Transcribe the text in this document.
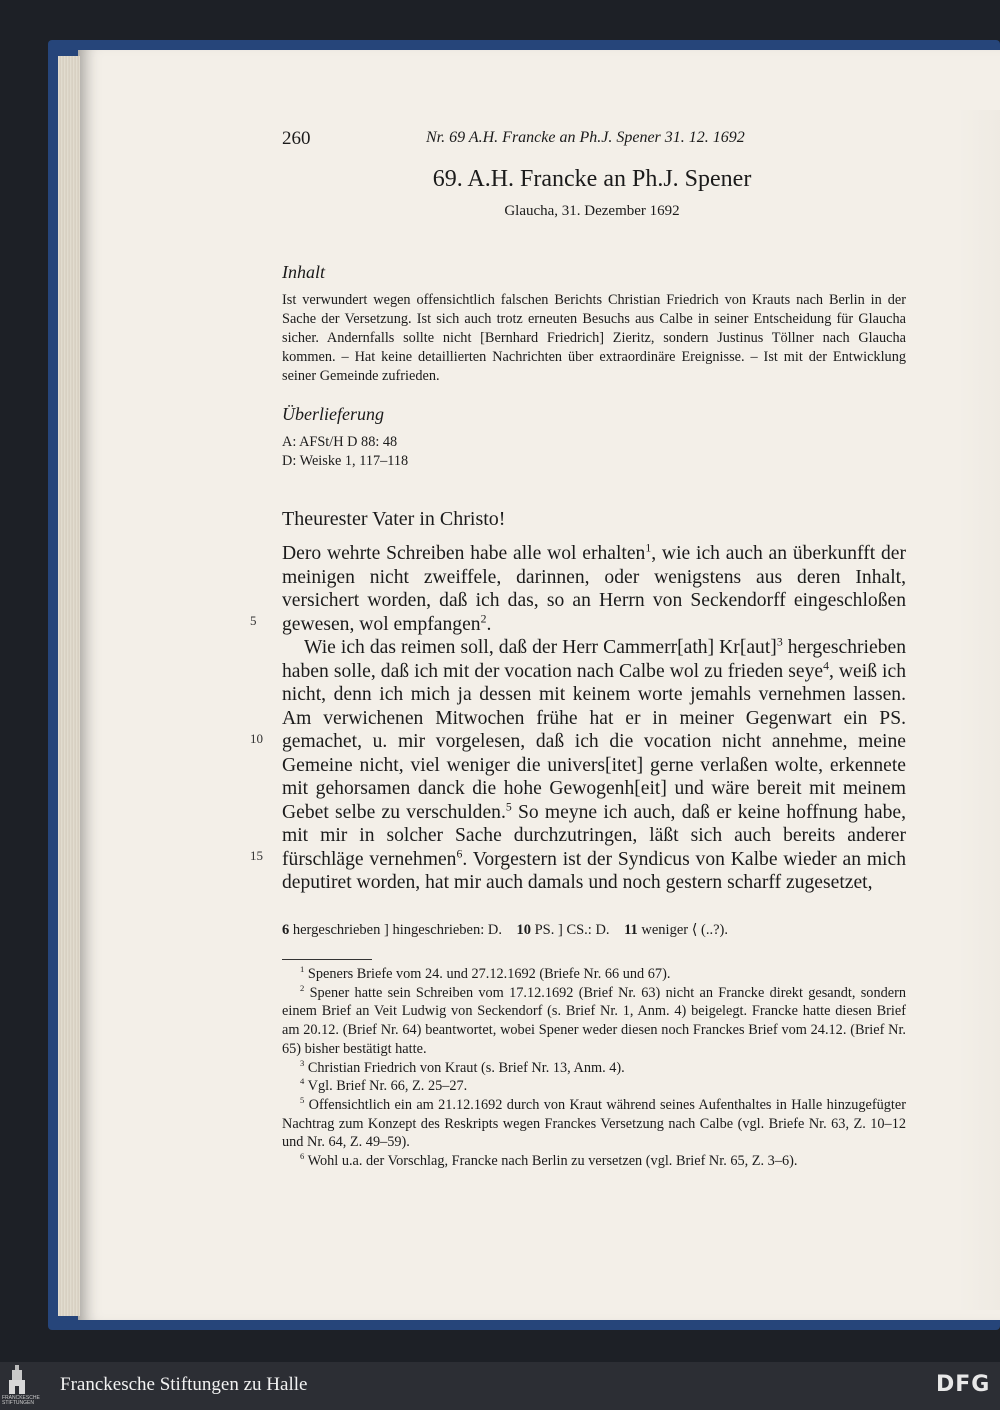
260	Nr. 69 A.H. Francke an Ph.J. Spener 31. 12. 1692
69. A.H. Francke an Ph.J. Spener
Glaucha, 31. Dezember 1692
Inhalt
Ist verwundert wegen offensichtlich falschen Berichts Christian Friedrich von Krauts nach Berlin in der Sache der Versetzung. Ist sich auch trotz erneuten Besuchs aus Calbe in seiner Entscheidung für Glaucha sicher. Andernfalls sollte nicht [Bernhard Friedrich] Zieritz, sondern Justinus Töllner nach Glaucha kommen. – Hat keine detaillierten Nachrichten über extraordinäre Ereignisse. – Ist mit der Entwicklung seiner Gemeinde zufrieden.
Überlieferung
A: AFSt/H D 88: 48
D: Weiske 1, 117–118
Theurester Vater in Christo!

Dero wehrte Schreiben habe alle wol erhalten$^1$, wie ich auch an überkunfft der meinigen nicht zweiffele, darinnen, oder wenigstens aus deren Inhalt, versichert worden, daß ich das, so an Herrn von Seckendorff eingeschloßen gewesen, wol empfangen$^2$.

Wie ich das reimen soll, daß der Herr Cammerr[ath] Kr[aut]$^3$ hergeschrieben haben solle, daß ich mit der vocation nach Calbe wol zu frieden seye$^4$, weiß ich nicht, denn ich mich ja dessen mit keinem worte jemahls vernehmen lassen. Am verwichenen Mitwochen frühe hat er in meiner Gegenwart ein PS. gemachet, u. mir vorgelesen, daß ich die vocation nicht annehme, meine Gemeine nicht, viel weniger die univers[itet] gerne verlaßen wolte, erkennete mit gehorsamen danck die hohe Gewogenh[eit] und wäre bereit mit meinem Gebet selbe zu verschulden.$^5$ So meyne ich auch, daß er keine hoffnung habe, mit mir in solcher Sache durchzutringen, läßt sich auch bereits anderer fürschläge vernehmen$^6$. Vorgestern ist der Syndicus von Kalbe wieder an mich deputiret worden, hat mir auch damals und noch gestern scharff zugesetzet,

5
10
15
6 hergeschrieben ] hingeschrieben: D. 10 PS. ] CS.: D. 11 weniger ⟨ (..?).

$^1$ Speners Briefe vom 24. und 27.12.1692 (Briefe Nr. 66 und 67).

$^2$ Spener hatte sein Schreiben vom 17.12.1692 (Brief Nr. 63) nicht an Francke direkt gesandt, sondern einem Brief an Veit Ludwig von Seckendorf (s. Brief Nr. 1, Anm. 4) beigelegt. Francke hatte diesen Brief am 20.12. (Brief Nr. 64) beantwortet, wobei Spener weder diesen noch Franckes Brief vom 24.12. (Brief Nr. 65) bisher bestätigt hatte.

$^3$ Christian Friedrich von Kraut (s. Brief Nr. 13, Anm. 4).

$^4$ Vgl. Brief Nr. 66, Z. 25–27.

$^5$ Offensichtlich ein am 21.12.1692 durch von Kraut während seines Aufenthaltes in Halle hinzugefügter Nachtrag zum Konzept des Reskripts wegen Franckes Versetzung nach Calbe (vgl. Briefe Nr. 63, Z. 10–12 und Nr. 64, Z. 49–59).

$^6$ Wohl u.a. der Vorschlag, Francke nach Berlin zu versetzen (vgl. Brief Nr. 65, Z. 3–6).

FRANCKESCHE STIFTUNGEN
Franckesche Stiftungen zu Halle	DFG
